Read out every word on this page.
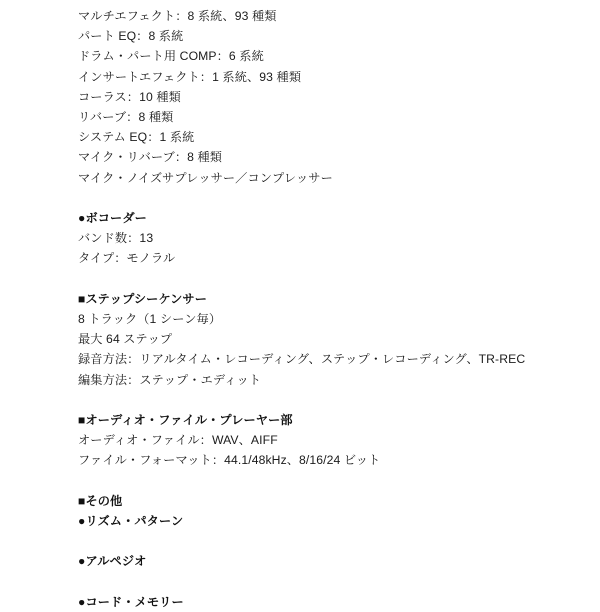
マルチエフェクト：8 系統、93 種類
パート EQ：8 系統
ドラム・パート用 COMP：6 系統
インサートエフェクト：1 系統、93 種類
コーラス：10 種類
リバーブ：8 種類
システム EQ：1 系統
マイク・リバーブ：8 種類
マイク・ノイズサプレッサー／コンプレッサー
●ボコーダー
バンド数：13
タイプ：モノラル
■ステップシーケンサー
8 トラック（1 シーン毎）
最大 64 ステップ
録音方法：リアルタイム・レコーディング、ステップ・レコーディング、TR-REC
編集方法：ステップ・エディット
■オーディオ・ファイル・プレーヤー部
オーディオ・ファイル：WAV、AIFF
ファイル・フォーマット：44.1/48kHz、8/16/24 ビット
■その他
●リズム・パターン
●アルペジオ
●コード・メモリー
